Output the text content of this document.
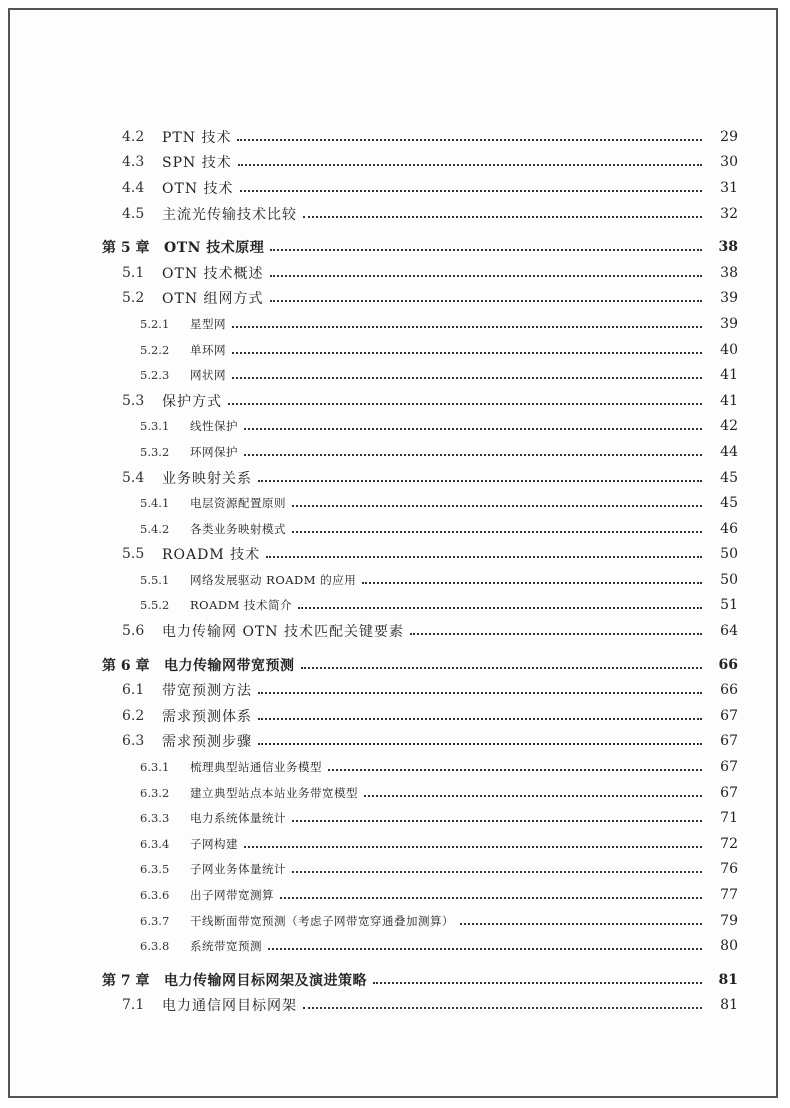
4.2	PTN 技术	29
4.3	SPN 技术	30
4.4	OTN 技术	31
4.5	主流光传输技术比较	32
第 5 章	OTN 技术原理	38
5.1	OTN 技术概述	38
5.2	OTN 组网方式	39
5.2.1	星型网	39
5.2.2	单环网	40
5.2.3	网状网	41
5.3	保护方式	41
5.3.1	线性保护	42
5.3.2	环网保护	44
5.4	业务映射关系	45
5.4.1	电层资源配置原则	45
5.4.2	各类业务映射模式	46
5.5	ROADM 技术	50
5.5.1	网络发展驱动 ROADM 的应用	50
5.5.2	ROADM 技术简介	51
5.6	电力传输网 OTN 技术匹配关键要素	64
第 6 章	电力传输网带宽预测	66
6.1	带宽预测方法	66
6.2	需求预测体系	67
6.3	需求预测步骤	67
6.3.1	梳理典型站通信业务模型	67
6.3.2	建立典型站点本站业务带宽模型	67
6.3.3	电力系统体量统计	71
6.3.4	子网构建	72
6.3.5	子网业务体量统计	76
6.3.6	出子网带宽测算	77
6.3.7	干线断面带宽预测（考虑子网带宽穿通叠加测算）	79
6.3.8	系统带宽预测	80
第 7 章	电力传输网目标网架及演进策略	81
7.1	电力通信网目标网架	81
